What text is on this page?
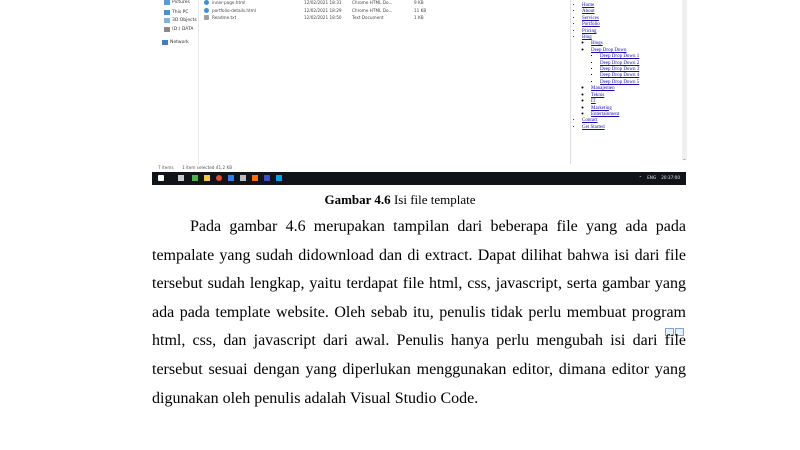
Pictures
This PC
3D Objects
(D:) DATA
Network
inner-page.html	12/02/2021 18:31 Chrome HTML Do...	9 KB
portfolio-details.html	12/02/2021 18:29 Chrome HTML Do...	11 KB
Readme.txt	12/02/2021 18:50 Text Document	1 KB
• Home
• About
• Services
• Portfolio
• Pricing
• Blog
◦ Blogs
◦ Deep Drop Down
▪ Deep Drop Down 1
▪ Deep Drop Down 2
▪ Deep Drop Down 3
▪ Deep Drop Down 4
▪ Deep Drop Down 5
◦ Manajemen
◦ Teknis
◦ IT
◦ Marketing
◦ Entertainment
• Contact
• Get Started
⌄
7 items 1 item selected 41,2 KB
⌃ ENG 20:37:00
Gambar 4.6 Isi file template

Pada gambar 4.6 merupakan tampilan dari beberapa file yang ada pada tempalate yang sudah didownload dan di extract. Dapat dilihat bahwa isi dari file tersebut sudah lengkap, yaitu terdapat file html, css, javascript, serta gambar yang ada pada template website. Oleh sebab itu, penulis tidak perlu membuat program html, css, dan javascript dari awal. Penulis hanya perlu mengubah isi dari file tersebut sesuai dengan yang diperlukan menggunakan editor, dimana editor yang digunakan oleh penulis adalah Visual Studio Code.
